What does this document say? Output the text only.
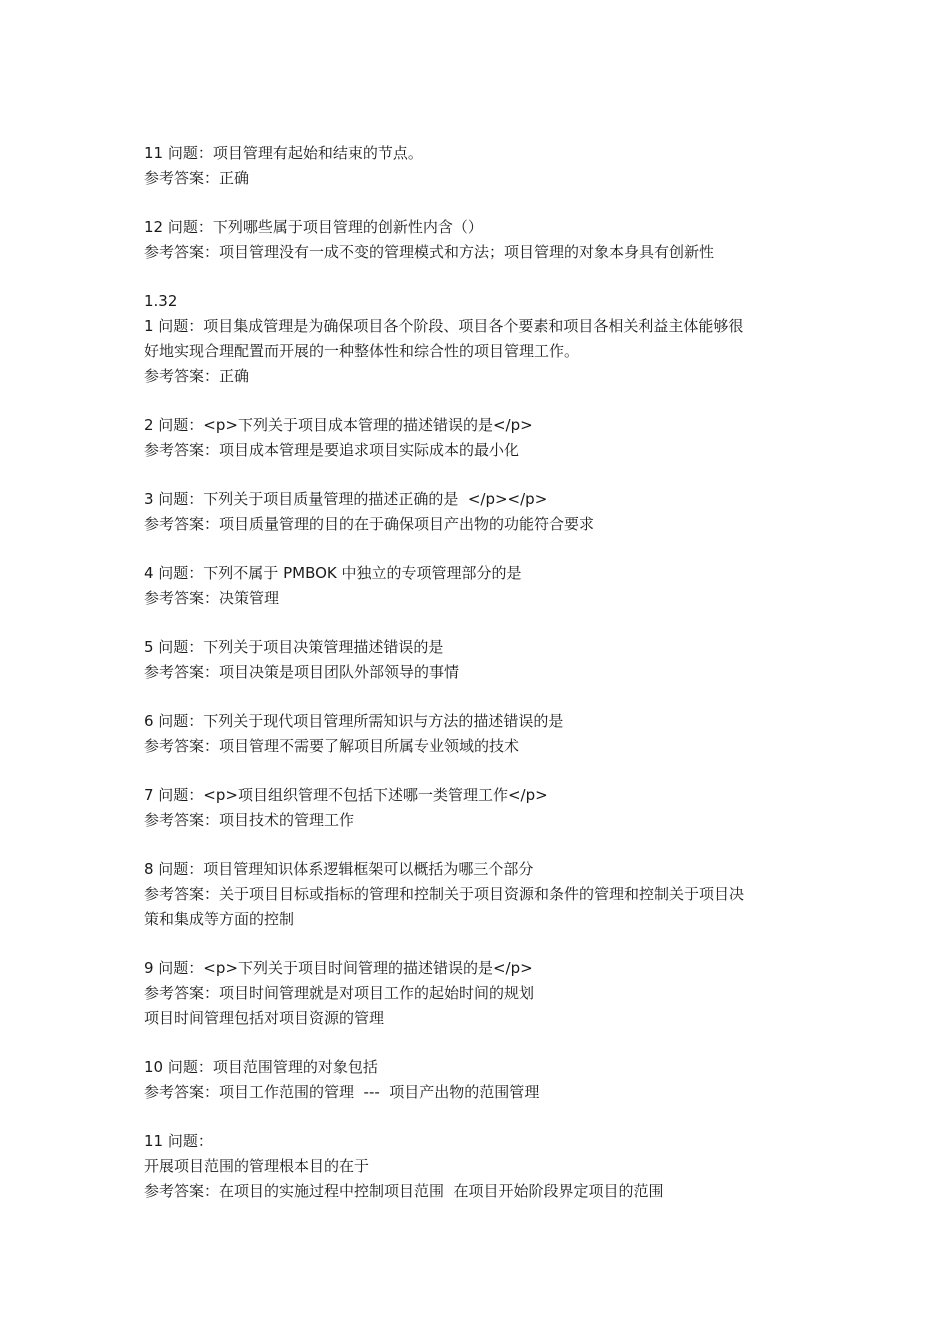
11 问题：项目管理有起始和结束的节点。
参考答案：正确
12 问题：下列哪些属于项目管理的创新性内含（）
参考答案：项目管理没有一成不变的管理模式和方法；项目管理的对象本身具有创新性
1.32
1 问题：项目集成管理是为确保项目各个阶段、项目各个要素和项目各相关利益主体能够很
好地实现合理配置而开展的一种整体性和综合性的项目管理工作。
参考答案：正确
2 问题：<p>下列关于项目成本管理的描述错误的是</p>
参考答案：项目成本管理是要追求项目实际成本的最小化
3 问题：下列关于项目质量管理的描述正确的是  </p></p>
参考答案：项目质量管理的目的在于确保项目产出物的功能符合要求
4 问题：下列不属于 PMBOK 中独立的专项管理部分的是
参考答案：决策管理
5 问题：下列关于项目决策管理描述错误的是
参考答案：项目决策是项目团队外部领导的事情
6 问题：下列关于现代项目管理所需知识与方法的描述错误的是
参考答案：项目管理不需要了解项目所属专业领域的技术
7 问题：<p>项目组织管理不包括下述哪一类管理工作</p>
参考答案：项目技术的管理工作
8 问题：项目管理知识体系逻辑框架可以概括为哪三个部分
参考答案：关于项目目标或指标的管理和控制关于项目资源和条件的管理和控制关于项目决
策和集成等方面的控制
9 问题：<p>下列关于项目时间管理的描述错误的是</p>
参考答案：项目时间管理就是对项目工作的起始时间的规划
项目时间管理包括对项目资源的管理
10 问题：项目范围管理的对象包括
参考答案：项目工作范围的管理  ---  项目产出物的范围管理
11 问题：
开展项目范围的管理根本目的在于
参考答案：在项目的实施过程中控制项目范围  在项目开始阶段界定项目的范围
